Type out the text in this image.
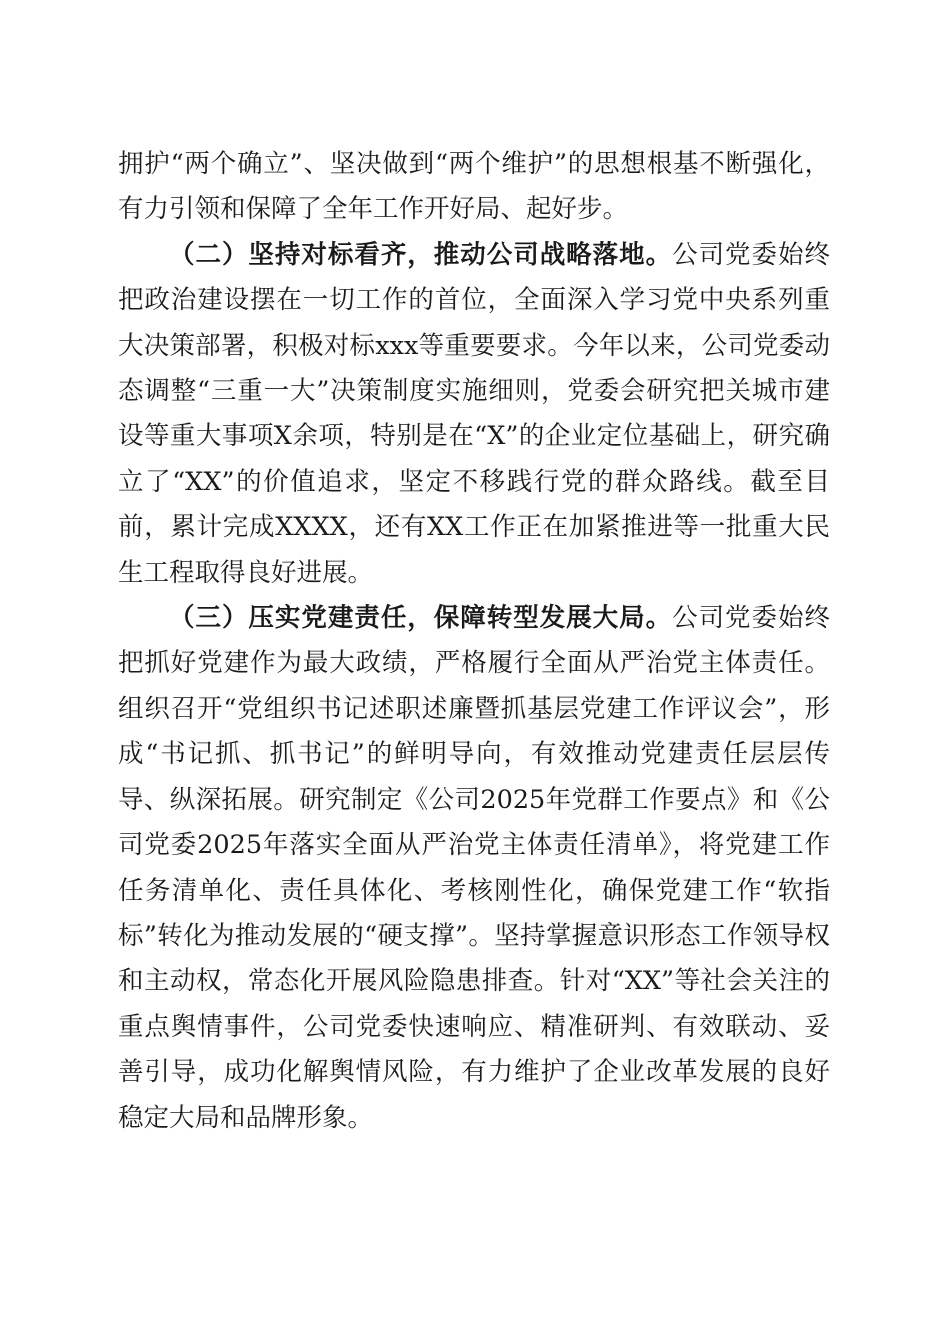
拥护“两个确立”、坚决做到“两个维护”的思想根基不断强化，有力引领和保障了全年工作开好局、起好步。

（二）坚持对标看齐，推动公司战略落地。公司党委始终把政治建设摆在一切工作的首位，全面深入学习党中央系列重大决策部署，积极对标xxx等重要要求。今年以来，公司党委动态调整“三重一大”决策制度实施细则，党委会研究把关城市建设等重大事项X余项，特别是在“X”的企业定位基础上，研究确立了“XX”的价值追求，坚定不移践行党的群众路线。截至目前，累计完成XXXX，还有XX工作正在加紧推进等一批重大民生工程取得良好进展。

（三）压实党建责任，保障转型发展大局。公司党委始终把抓好党建作为最大政绩，严格履行全面从严治党主体责任。组织召开“党组织书记述职述廉暨抓基层党建工作评议会”，形成“书记抓、抓书记”的鲜明导向，有效推动党建责任层层传导、纵深拓展。研究制定《公司2025年党群工作要点》和《公司党委2025年落实全面从严治党主体责任清单》，将党建工作任务清单化、责任具体化、考核刚性化，确保党建工作“软指标”转化为推动发展的“硬支撑”。坚持掌握意识形态工作领导权和主动权，常态化开展风险隐患排查。针对“XX”等社会关注的重点舆情事件，公司党委快速响应、精准研判、有效联动、妥善引导，成功化解舆情风险，有力维护了企业改革发展的良好稳定大局和品牌形象。
